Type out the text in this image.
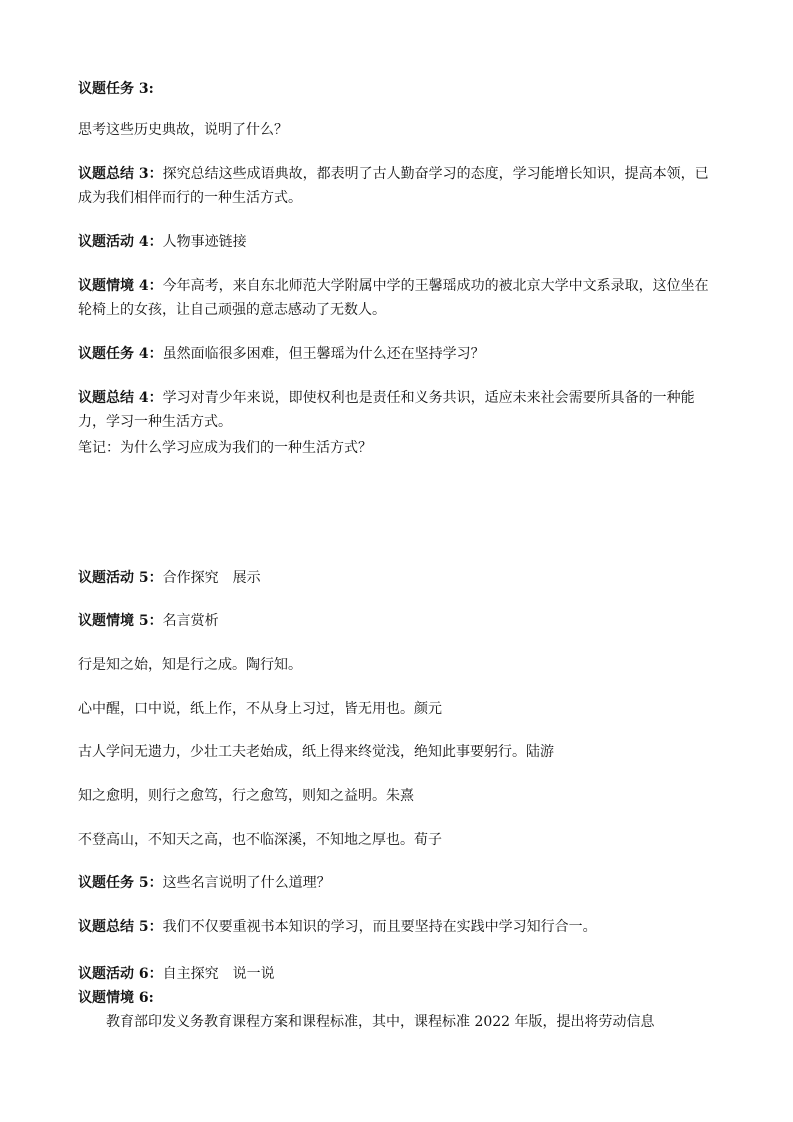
议题任务 3:

思考这些历史典故，说明了什么？

议题总结 3：探究总结这些成语典故，都表明了古人勤奋学习的态度，学习能增长知识，提高本领，已成为我们相伴而行的一种生活方式。

议题活动 4：人物事迹链接

议题情境 4：今年高考，来自东北师范大学附属中学的王馨瑶成功的被北京大学中文系录取，这位坐在轮椅上的女孩，让自己顽强的意志感动了无数人。

议题任务 4：虽然面临很多困难，但王馨瑶为什么还在坚持学习？

议题总结 4：学习对青少年来说，即使权利也是责任和义务共识，适应未来社会需要所具备的一种能力，学习一种生活方式。

笔记：为什么学习应成为我们的一种生活方式？

议题活动 5：合作探究　展示

议题情境 5：名言赏析

行是知之始，知是行之成。陶行知。

心中醒，口中说，纸上作，不从身上习过，皆无用也。颜元

古人学问无遗力，少壮工夫老始成，纸上得来终觉浅，绝知此事要躬行。陆游

知之愈明，则行之愈笃，行之愈笃，则知之益明。朱熹

不登高山，不知天之高，也不临深溪，不知地之厚也。荀子

议题任务 5：这些名言说明了什么道理？

议题总结 5：我们不仅要重视书本知识的学习，而且要坚持在实践中学习知行合一。

议题活动 6：自主探究　说一说

议题情境 6:

教育部印发义务教育课程方案和课程标准，其中，课程标准 2022 年版，提出将劳动信息
